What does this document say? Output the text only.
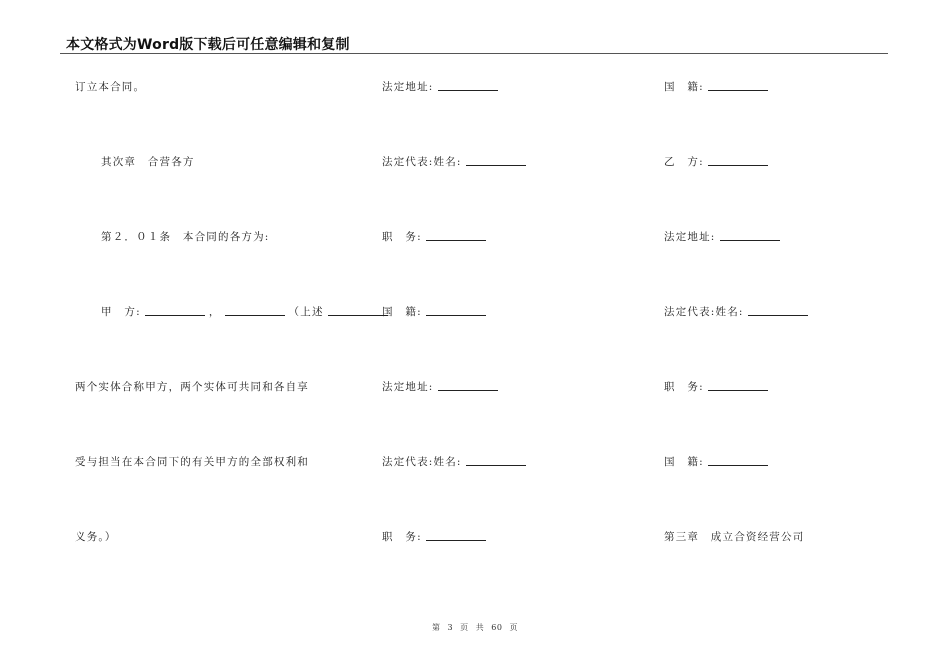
本文格式为Word版下载后可任意编辑和复制
订立本合同。
其次章　合营各方
第２．０１条　本合同的各方为:
甲　方:	，	（上述
两个实体合称甲方，两个实体可共同和各自享
受与担当在本合同下的有关甲方的全部权利和
义务。）
法定地址:
法定代表:姓名:
职　务:
国　籍:
法定地址:
法定代表:姓名:
职　务:
国　籍:
乙　方:
法定地址:
法定代表:姓名:
职　务:
国　籍:
第三章　成立合资经营公司
第 3 页 共 60 页
